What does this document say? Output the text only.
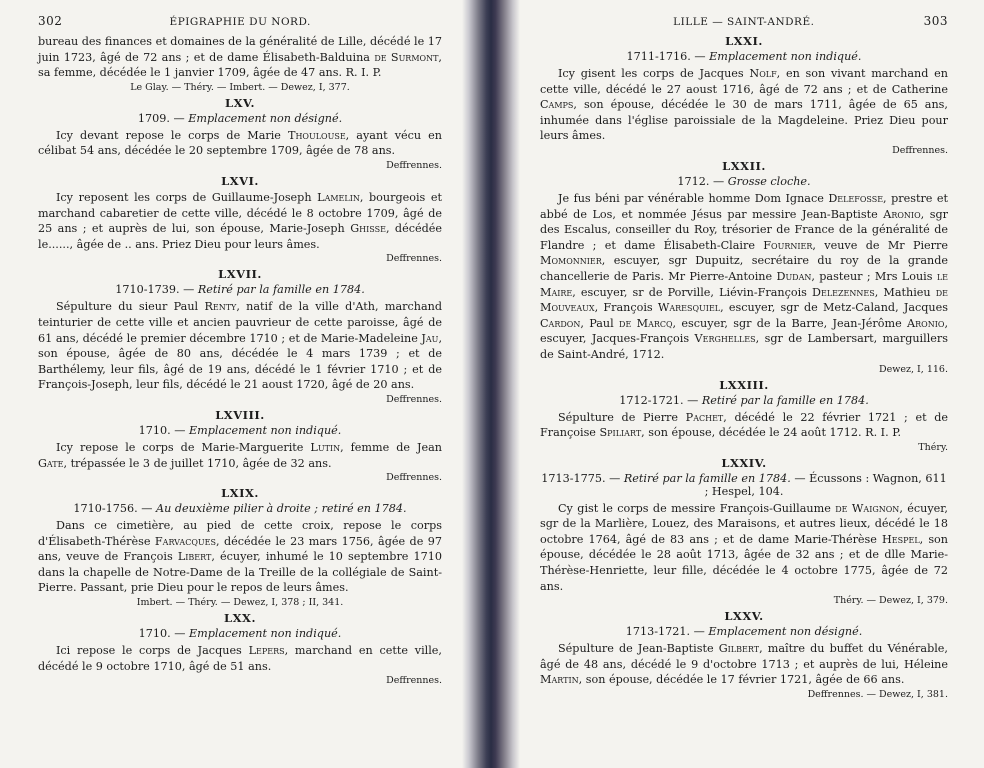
302	ÉPIGRAPHIE DU NORD.

bureau des finances et domaines de la généralité de Lille, décédé le 17 juin 1723, âgé de 72 ans ; et de dame Élisabeth-Balduina de Surmont, sa femme, décédée le 1 janvier 1709, âgée de 47 ans. R. I. P.

Le Glay. — Théry. — Imbert. — Dewez, I, 377.
LXV.
1709. — Emplacement non désigné.

Icy devant repose le corps de Marie Thoulouse, ayant vécu en célibat 54 ans, décédée le 20 septembre 1709, âgée de 78 ans.

Deffrennes.
LXVI.

Icy reposent les corps de Guillaume-Joseph Lamelin, bourgeois et marchand cabaretier de cette ville, décédé le 8 octobre 1709, âgé de 25 ans ; et auprès de lui, son épouse, Marie-Joseph Ghisse, décédée le......, âgée de .. ans. Priez Dieu pour leurs âmes.

Deffrennes.
LXVII.
1710-1739. — Retiré par la famille en 1784.

Sépulture du sieur Paul Renty, natif de la ville d'Ath, marchand teinturier de cette ville et ancien pauvrieur de cette paroisse, âgé de 61 ans, décédé le premier décembre 1710 ; et de Marie-Madeleine Jau, son épouse, âgée de 80 ans, décédée le 4 mars 1739 ; et de Barthélemy, leur fils, âgé de 19 ans, décédé le 1 février 1710 ; et de François-Joseph, leur fils, décédé le 21 aoust 1720, âgé de 20 ans.

Deffrennes.
LXVIII.
1710. — Emplacement non indiqué.

Icy repose le corps de Marie-Marguerite Lutin, femme de Jean Gate, trépassée le 3 de juillet 1710, âgée de 32 ans.

Deffrennes.
LXIX.
1710-1756. — Au deuxième pilier à droite ; retiré en 1784.

Dans ce cimetière, au pied de cette croix, repose le corps d'Élisabeth-Thérèse Farvacques, décédée le 23 mars 1756, âgée de 97 ans, veuve de François Libert, écuyer, inhumé le 10 septembre 1710 dans la chapelle de Notre-Dame de la Treille de la collégiale de Saint-Pierre. Passant, prie Dieu pour le repos de leurs âmes.

Imbert. — Théry. — Dewez, I, 378 ; II, 341.
LXX.
1710. — Emplacement non indiqué.

Ici repose le corps de Jacques Lepers, marchand en cette ville, décédé le 9 octobre 1710, âgé de 51 ans.

Deffrennes.
LILLE — SAINT-ANDRÉ.	303
LXXI.
1711-1716. — Emplacement non indiqué.

Icy gisent les corps de Jacques Nolf, en son vivant marchand en cette ville, décédé le 27 aoust 1716, âgé de 72 ans ; et de Catherine Camps, son épouse, décédée le 30 de mars 1711, âgée de 65 ans, inhumée dans l'église paroissiale de la Magdeleine. Priez Dieu pour leurs âmes.

Deffrennes.
LXXII.
1712. — Grosse cloche.

Je fus béni par vénérable homme Dom Ignace Delefosse, prestre et abbé de Los, et nommée Jésus par messire Jean-Baptiste Aronio, sgr des Escalus, conseiller du Roy, trésorier de France de la généralité de Flandre ; et dame Élisabeth-Claire Fournier, veuve de Mr Pierre Momonnier, escuyer, sgr Dupuitz, secrétaire du roy de la grande chancellerie de Paris. Mr Pierre-Antoine Dudan, pasteur ; Mrs Louis le Maire, escuyer, sr de Porville, Liévin-François Delezennes, Mathieu de Mouveaux, François Waresquiel, escuyer, sgr de Metz-Caland, Jacques Cardon, Paul de Marcq, escuyer, sgr de la Barre, Jean-Jérôme Aronio, escuyer, Jacques-François Verghelles, sgr de Lambersart, marguillers de Saint-André, 1712.

Dewez, I, 116.
LXXIII.
1712-1721. — Retiré par la famille en 1784.

Sépulture de Pierre Pachet, décédé le 22 février 1721 ; et de Françoise Spiliart, son épouse, décédée le 24 août 1712. R. I. P.

Théry.
LXXIV.
1713-1775. — Retiré par la famille en 1784. — Écussons : Wagnon, 611 ; Hespel, 104.

Cy gist le corps de messire François-Guillaume de Waignon, écuyer, sgr de la Marlière, Louez, des Maraisons, et autres lieux, décédé le 18 octobre 1764, âgé de 83 ans ; et de dame Marie-Thérèse Hespel, son épouse, décédée le 28 août 1713, âgée de 32 ans ; et de dlle Marie-Thérèse-Henriette, leur fille, décédée le 4 octobre 1775, âgée de 72 ans.

Théry. — Dewez, I, 379.
LXXV.
1713-1721. — Emplacement non désigné.

Sépulture de Jean-Baptiste Gilbert, maître du buffet du Vénérable, âgé de 48 ans, décédé le 9 d'octobre 1713 ; et auprès de lui, Héleine Martin, son épouse, décédée le 17 février 1721, âgée de 66 ans.

Deffrennes. — Dewez, I, 381.
